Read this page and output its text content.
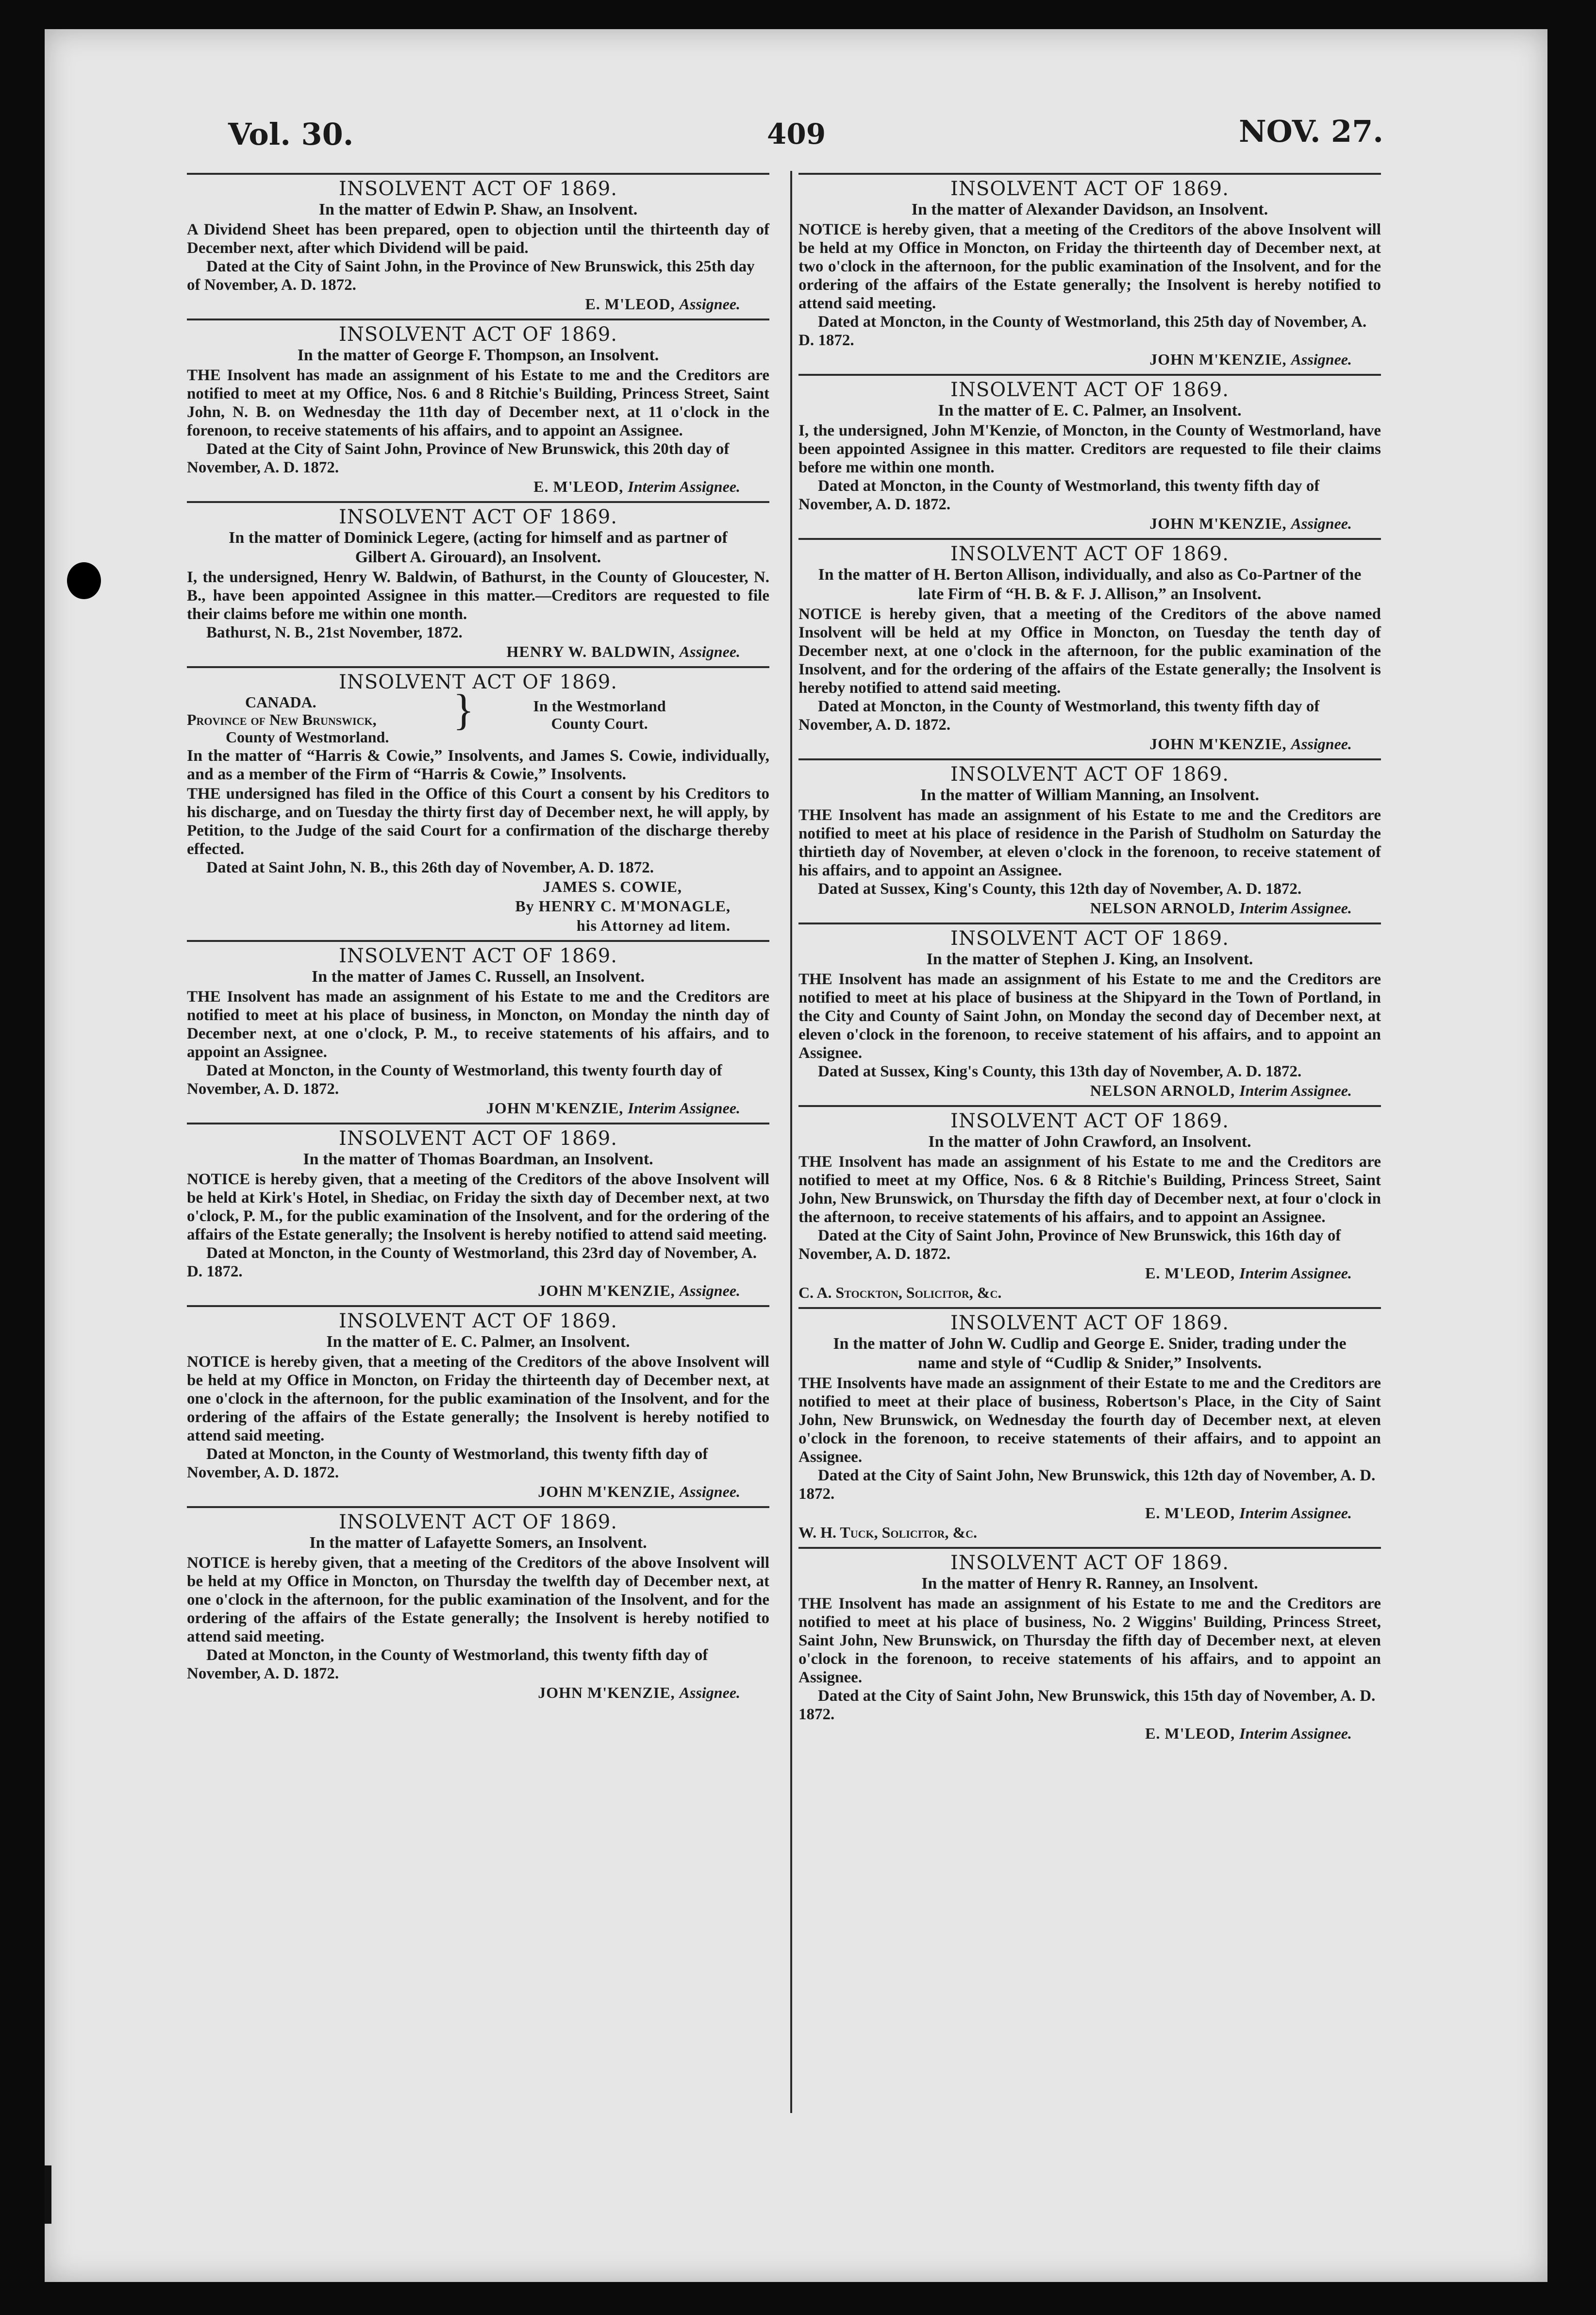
Vol. 30.	409	NOV. 27.
INSOLVENT ACT OF 1869.
In the matter of Edwin P. Shaw, an Insolvent.
A Dividend Sheet has been prepared, open to objection until the thirteenth day of December next, after which Dividend will be paid.
Dated at the City of Saint John, in the Province of New Brunswick, this 25th day of November, A. D. 1872.
E. M'LEOD, Assignee.
INSOLVENT ACT OF 1869.
In the matter of George F. Thompson, an Insolvent.
THE Insolvent has made an assignment of his Estate to me and the Creditors are notified to meet at my Office, Nos. 6 and 8 Ritchie's Building, Princess Street, Saint John, N. B. on Wednesday the 11th day of December next, at 11 o'clock in the forenoon, to receive statements of his affairs, and to appoint an Assignee.
Dated at the City of Saint John, Province of New Brunswick, this 20th day of November, A. D. 1872.
E. M'LEOD, Interim Assignee.
INSOLVENT ACT OF 1869.
In the matter of Dominick Legere, (acting for himself and as partner of Gilbert A. Girouard), an Insolvent.
I, the undersigned, Henry W. Baldwin, of Bathurst, in the County of Gloucester, N. B., have been appointed Assignee in this matter.—Creditors are requested to file their claims before me within one month.
Bathurst, N. B., 21st November, 1872.
HENRY W. BALDWIN, Assignee.
INSOLVENT ACT OF 1869.
CANADA.
Province of New Brunswick,
County of Westmorland.
}	In the Westmorland
County Court.
In the matter of “Harris & Cowie,” Insolvents, and James S. Cowie, individually, and as a member of the Firm of “Harris & Cowie,” Insolvents.
THE undersigned has filed in the Office of this Court a consent by his Creditors to his discharge, and on Tuesday the thirty first day of December next, he will apply, by Petition, to the Judge of the said Court for a confirmation of the discharge thereby effected.
Dated at Saint John, N. B., this 26th day of November, A. D. 1872.
JAMES S. COWIE,
By HENRY C. M'MONAGLE,
his Attorney ad litem.
INSOLVENT ACT OF 1869.
In the matter of James C. Russell, an Insolvent.
THE Insolvent has made an assignment of his Estate to me and the Creditors are notified to meet at his place of business, in Moncton, on Monday the ninth day of December next, at one o'clock, P. M., to receive statements of his affairs, and to appoint an Assignee.
Dated at Moncton, in the County of Westmorland, this twenty fourth day of November, A. D. 1872.
JOHN M'KENZIE, Interim Assignee.
INSOLVENT ACT OF 1869.
In the matter of Thomas Boardman, an Insolvent.
NOTICE is hereby given, that a meeting of the Creditors of the above Insolvent will be held at Kirk's Hotel, in Shediac, on Friday the sixth day of December next, at two o'clock, P. M., for the public examination of the Insolvent, and for the ordering of the affairs of the Estate generally; the Insolvent is hereby notified to attend said meeting.
Dated at Moncton, in the County of Westmorland, this 23rd day of November, A. D. 1872.
JOHN M'KENZIE, Assignee.
INSOLVENT ACT OF 1869.
In the matter of E. C. Palmer, an Insolvent.
NOTICE is hereby given, that a meeting of the Creditors of the above Insolvent will be held at my Office in Moncton, on Friday the thirteenth day of December next, at one o'clock in the afternoon, for the public examination of the Insolvent, and for the ordering of the affairs of the Estate generally; the Insolvent is hereby notified to attend said meeting.
Dated at Moncton, in the County of Westmorland, this twenty fifth day of November, A. D. 1872.
JOHN M'KENZIE, Assignee.
INSOLVENT ACT OF 1869.
In the matter of Lafayette Somers, an Insolvent.
NOTICE is hereby given, that a meeting of the Creditors of the above Insolvent will be held at my Office in Moncton, on Thursday the twelfth day of December next, at one o'clock in the afternoon, for the public examination of the Insolvent, and for the ordering of the affairs of the Estate generally; the Insolvent is hereby notified to attend said meeting.
Dated at Moncton, in the County of Westmorland, this twenty fifth day of November, A. D. 1872.
JOHN M'KENZIE, Assignee.
INSOLVENT ACT OF 1869.
In the matter of Alexander Davidson, an Insolvent.
NOTICE is hereby given, that a meeting of the Creditors of the above Insolvent will be held at my Office in Moncton, on Friday the thirteenth day of December next, at two o'clock in the afternoon, for the public examination of the Insolvent, and for the ordering of the affairs of the Estate generally; the Insolvent is hereby notified to attend said meeting.
Dated at Moncton, in the County of Westmorland, this 25th day of November, A. D. 1872.
JOHN M'KENZIE, Assignee.
INSOLVENT ACT OF 1869.
In the matter of E. C. Palmer, an Insolvent.
I, the undersigned, John M'Kenzie, of Moncton, in the County of Westmorland, have been appointed Assignee in this matter. Creditors are requested to file their claims before me within one month.
Dated at Moncton, in the County of Westmorland, this twenty fifth day of November, A. D. 1872.
JOHN M'KENZIE, Assignee.
INSOLVENT ACT OF 1869.
In the matter of H. Berton Allison, individually, and also as Co-Partner of the late Firm of “H. B. & F. J. Allison,” an Insolvent.
NOTICE is hereby given, that a meeting of the Creditors of the above named Insolvent will be held at my Office in Moncton, on Tuesday the tenth day of December next, at one o'clock in the afternoon, for the public examination of the Insolvent, and for the ordering of the affairs of the Estate generally; the Insolvent is hereby notified to attend said meeting.
Dated at Moncton, in the County of Westmorland, this twenty fifth day of November, A. D. 1872.
JOHN M'KENZIE, Assignee.
INSOLVENT ACT OF 1869.
In the matter of William Manning, an Insolvent.
THE Insolvent has made an assignment of his Estate to me and the Creditors are notified to meet at his place of residence in the Parish of Studholm on Saturday the thirtieth day of November, at eleven o'clock in the forenoon, to receive statement of his affairs, and to appoint an Assignee.
Dated at Sussex, King's County, this 12th day of November, A. D. 1872.
NELSON ARNOLD, Interim Assignee.
INSOLVENT ACT OF 1869.
In the matter of Stephen J. King, an Insolvent.
THE Insolvent has made an assignment of his Estate to me and the Creditors are notified to meet at his place of business at the Shipyard in the Town of Portland, in the City and County of Saint John, on Monday the second day of December next, at eleven o'clock in the forenoon, to receive statement of his affairs, and to appoint an Assignee.
Dated at Sussex, King's County, this 13th day of November, A. D. 1872.
NELSON ARNOLD, Interim Assignee.
INSOLVENT ACT OF 1869.
In the matter of John Crawford, an Insolvent.
THE Insolvent has made an assignment of his Estate to me and the Creditors are notified to meet at my Office, Nos. 6 & 8 Ritchie's Building, Princess Street, Saint John, New Brunswick, on Thursday the fifth day of December next, at four o'clock in the afternoon, to receive statements of his affairs, and to appoint an Assignee.
Dated at the City of Saint John, Province of New Brunswick, this 16th day of November, A. D. 1872.
E. M'LEOD, Interim Assignee.
C. A. Stockton, Solicitor, &c.
INSOLVENT ACT OF 1869.
In the matter of John W. Cudlip and George E. Snider, trading under the name and style of “Cudlip & Snider,” Insolvents.
THE Insolvents have made an assignment of their Estate to me and the Creditors are notified to meet at their place of business, Robertson's Place, in the City of Saint John, New Brunswick, on Wednesday the fourth day of December next, at eleven o'clock in the forenoon, to receive statements of their affairs, and to appoint an Assignee.
Dated at the City of Saint John, New Brunswick, this 12th day of November, A. D. 1872.
E. M'LEOD, Interim Assignee.
W. H. Tuck, Solicitor, &c.
INSOLVENT ACT OF 1869.
In the matter of Henry R. Ranney, an Insolvent.
THE Insolvent has made an assignment of his Estate to me and the Creditors are notified to meet at his place of business, No. 2 Wiggins' Building, Princess Street, Saint John, New Brunswick, on Thursday the fifth day of December next, at eleven o'clock in the forenoon, to receive statements of his affairs, and to appoint an Assignee.
Dated at the City of Saint John, New Brunswick, this 15th day of November, A. D. 1872.
E. M'LEOD, Interim Assignee.
